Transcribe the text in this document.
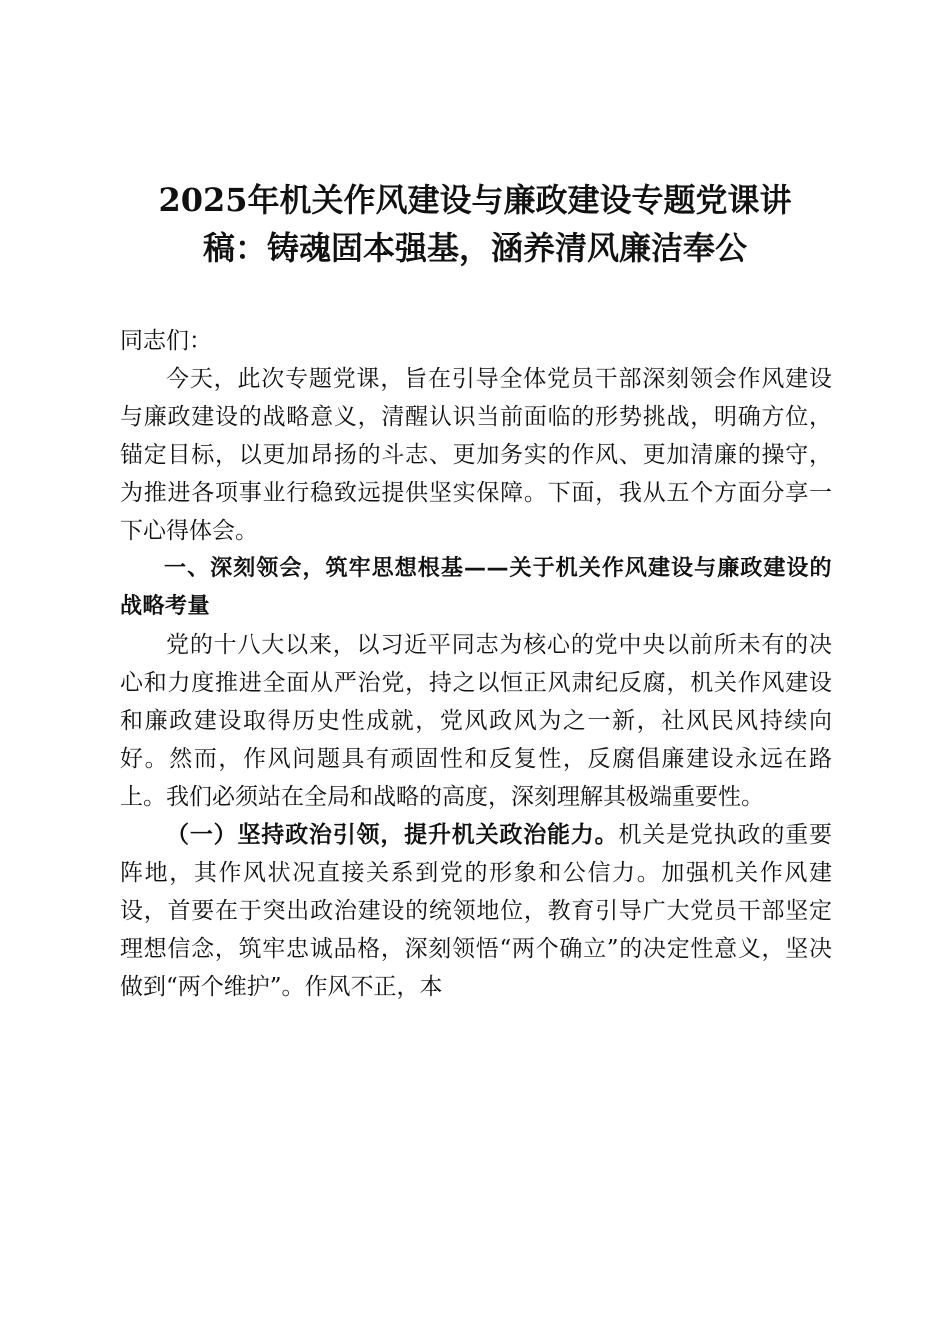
2025年机关作风建设与廉政建设专题党课讲
稿：铸魂固本强基，涵养清风廉洁奉公

同志们：

今天，此次专题党课，旨在引导全体党员干部深刻领会作风建设与廉政建设的战略意义，清醒认识当前面临的形势挑战，明确方位，锚定目标，以更加昂扬的斗志、更加务实的作风、更加清廉的操守，为推进各项事业行稳致远提供坚实保障。下面，我从五个方面分享一下心得体会。

一、深刻领会，筑牢思想根基——关于机关作风建设与廉政建设的战略考量

党的十八大以来，以习近平同志为核心的党中央以前所未有的决心和力度推进全面从严治党，持之以恒正风肃纪反腐，机关作风建设和廉政建设取得历史性成就，党风政风为之一新，社风民风持续向好。然而，作风问题具有顽固性和反复性，反腐倡廉建设永远在路上。我们必须站在全局和战略的高度，深刻理解其极端重要性。

（一）坚持政治引领，提升机关政治能力。机关是党执政的重要阵地，其作风状况直接关系到党的形象和公信力。加强机关作风建设，首要在于突出政治建设的统领地位，教育引导广大党员干部坚定理想信念，筑牢忠诚品格，深刻领悟“两个确立”的决定性意义，坚决做到“两个维护”。作风不正，本
